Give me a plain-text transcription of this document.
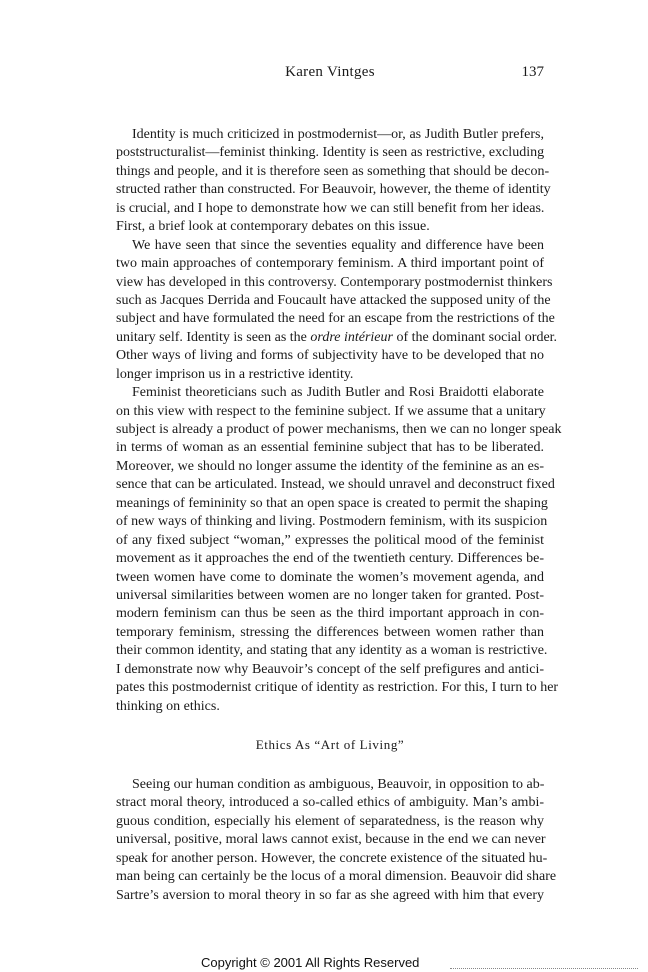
Karen Vintges	137
Identity is much criticized in postmodernist—or, as Judith Butler prefers,
poststructuralist—feminist thinking. Identity is seen as restrictive, excluding
things and people, and it is therefore seen as something that should be decon-
structed rather than constructed. For Beauvoir, however, the theme of identity
is crucial, and I hope to demonstrate how we can still benefit from her ideas.
First, a brief look at contemporary debates on this issue.
We have seen that since the seventies equality and difference have been
two main approaches of contemporary feminism. A third important point of
view has developed in this controversy. Contemporary postmodernist thinkers
such as Jacques Derrida and Foucault have attacked the supposed unity of the
subject and have formulated the need for an escape from the restrictions of the
unitary self. Identity is seen as the ordre intérieur of the dominant social order.
Other ways of living and forms of subjectivity have to be developed that no
longer imprison us in a restrictive identity.
Feminist theoreticians such as Judith Butler and Rosi Braidotti elaborate
on this view with respect to the feminine subject. If we assume that a unitary
subject is already a product of power mechanisms, then we can no longer speak
in terms of woman as an essential feminine subject that has to be liberated.
Moreover, we should no longer assume the identity of the feminine as an es-
sence that can be articulated. Instead, we should unravel and deconstruct fixed
meanings of femininity so that an open space is created to permit the shaping
of new ways of thinking and living. Postmodern feminism, with its suspicion
of any fixed subject “woman,” expresses the political mood of the feminist
movement as it approaches the end of the twentieth century. Differences be-
tween women have come to dominate the women’s movement agenda, and
universal similarities between women are no longer taken for granted. Post-
modern feminism can thus be seen as the third important approach in con-
temporary feminism, stressing the differences between women rather than
their common identity, and stating that any identity as a woman is restrictive.
I demonstrate now why Beauvoir’s concept of the self prefigures and antici-
pates this postmodernist critique of identity as restriction. For this, I turn to her
thinking on ethics.
Ethics As “Art of Living”
Seeing our human condition as ambiguous, Beauvoir, in opposition to ab-
stract moral theory, introduced a so-called ethics of ambiguity. Man’s ambi-
guous condition, especially his element of separatedness, is the reason why
universal, positive, moral laws cannot exist, because in the end we can never
speak for another person. However, the concrete existence of the situated hu-
man being can certainly be the locus of a moral dimension. Beauvoir did share
Sartre’s aversion to moral theory in so far as she agreed with him that every
Copyright © 2001 All Rights Reserved
